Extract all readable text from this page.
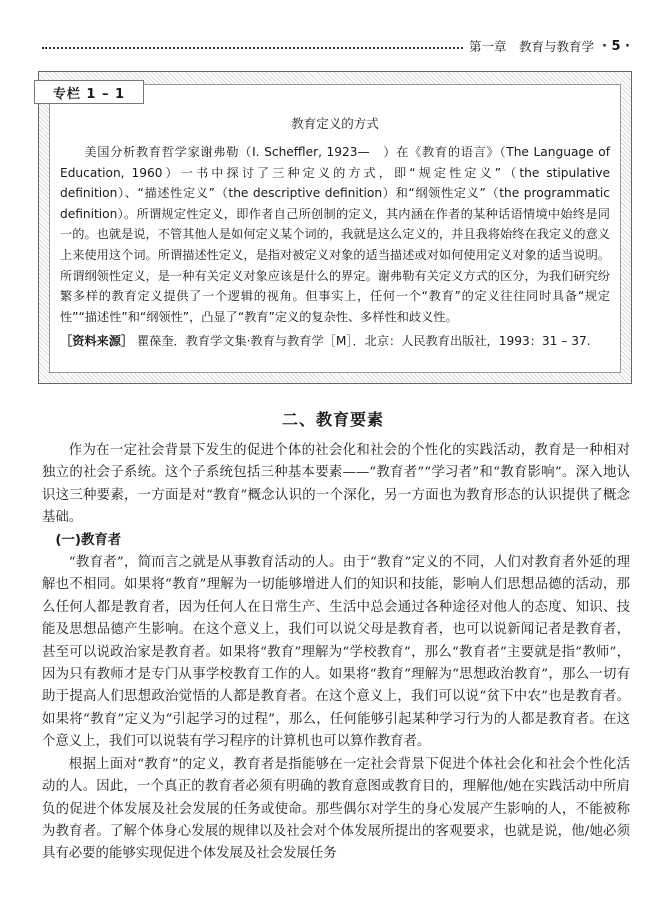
第一章　教育与教育学 · 5 ·
专栏 1 – 1

教育定义的方式

美国分析教育哲学家谢弗勒（I. Scheffler, 1923—　）在《教育的语言》（The Language of Education, 1960）一书中探讨了三种定义的方式，即“规定性定义”（the stipulative definition）、“描述性定义”（the descriptive definition）和“纲领性定义”（the programmatic definition）。所谓规定性定义，即作者自己所创制的定义，其内涵在作者的某种话语情境中始终是同一的。也就是说，不管其他人是如何定义某个词的，我就是这么定义的，并且我将始终在我定义的意义上来使用这个词。所谓描述性定义，是指对被定义对象的适当描述或对如何使用定义对象的适当说明。所谓纲领性定义，是一种有关定义对象应该是什么的界定。谢弗勒有关定义方式的区分，为我们研究纷繁多样的教育定义提供了一个逻辑的视角。但事实上，任何一个“教育”的定义往往同时具备“规定性”“描述性”和“纲领性”，凸显了“教育”定义的复杂性、多样性和歧义性。

［资料来源］ 瞿葆奎．教育学文集·教育与教育学［M］．北京：人民教育出版社，1993：31 – 37.

二、教育要素

作为在一定社会背景下发生的促进个体的社会化和社会的个性化的实践活动，教育是一种相对独立的社会子系统。这个子系统包括三种基本要素——“教育者”“学习者”和“教育影响”。深入地认识这三种要素，一方面是对“教育”概念认识的一个深化，另一方面也为教育形态的认识提供了概念基础。

(一)教育者

“教育者”，简而言之就是从事教育活动的人。由于“教育”定义的不同，人们对教育者外延的理解也不相同。如果将“教育”理解为一切能够增进人们的知识和技能，影响人们思想品德的活动，那么任何人都是教育者，因为任何人在日常生产、生活中总会通过各种途径对他人的态度、知识、技能及思想品德产生影响。在这个意义上，我们可以说父母是教育者，也可以说新闻记者是教育者，甚至可以说政治家是教育者。如果将“教育”理解为“学校教育”，那么“教育者”主要就是指“教师”，因为只有教师才是专门从事学校教育工作的人。如果将“教育”理解为“思想政治教育”，那么一切有助于提高人们思想政治觉悟的人都是教育者。在这个意义上，我们可以说“贫下中农”也是教育者。如果将“教育”定义为“引起学习的过程”，那么，任何能够引起某种学习行为的人都是教育者。在这个意义上，我们可以说装有学习程序的计算机也可以算作教育者。

根据上面对“教育”的定义，教育者是指能够在一定社会背景下促进个体社会化和社会个性化活动的人。因此，一个真正的教育者必须有明确的教育意图或教育目的，理解他/她在实践活动中所肩负的促进个体发展及社会发展的任务或使命。那些偶尔对学生的身心发展产生影响的人，不能被称为教育者。了解个体身心发展的规律以及社会对个体发展所提出的客观要求，也就是说，他/她必须具有必要的能够实现促进个体发展及社会发展任务
